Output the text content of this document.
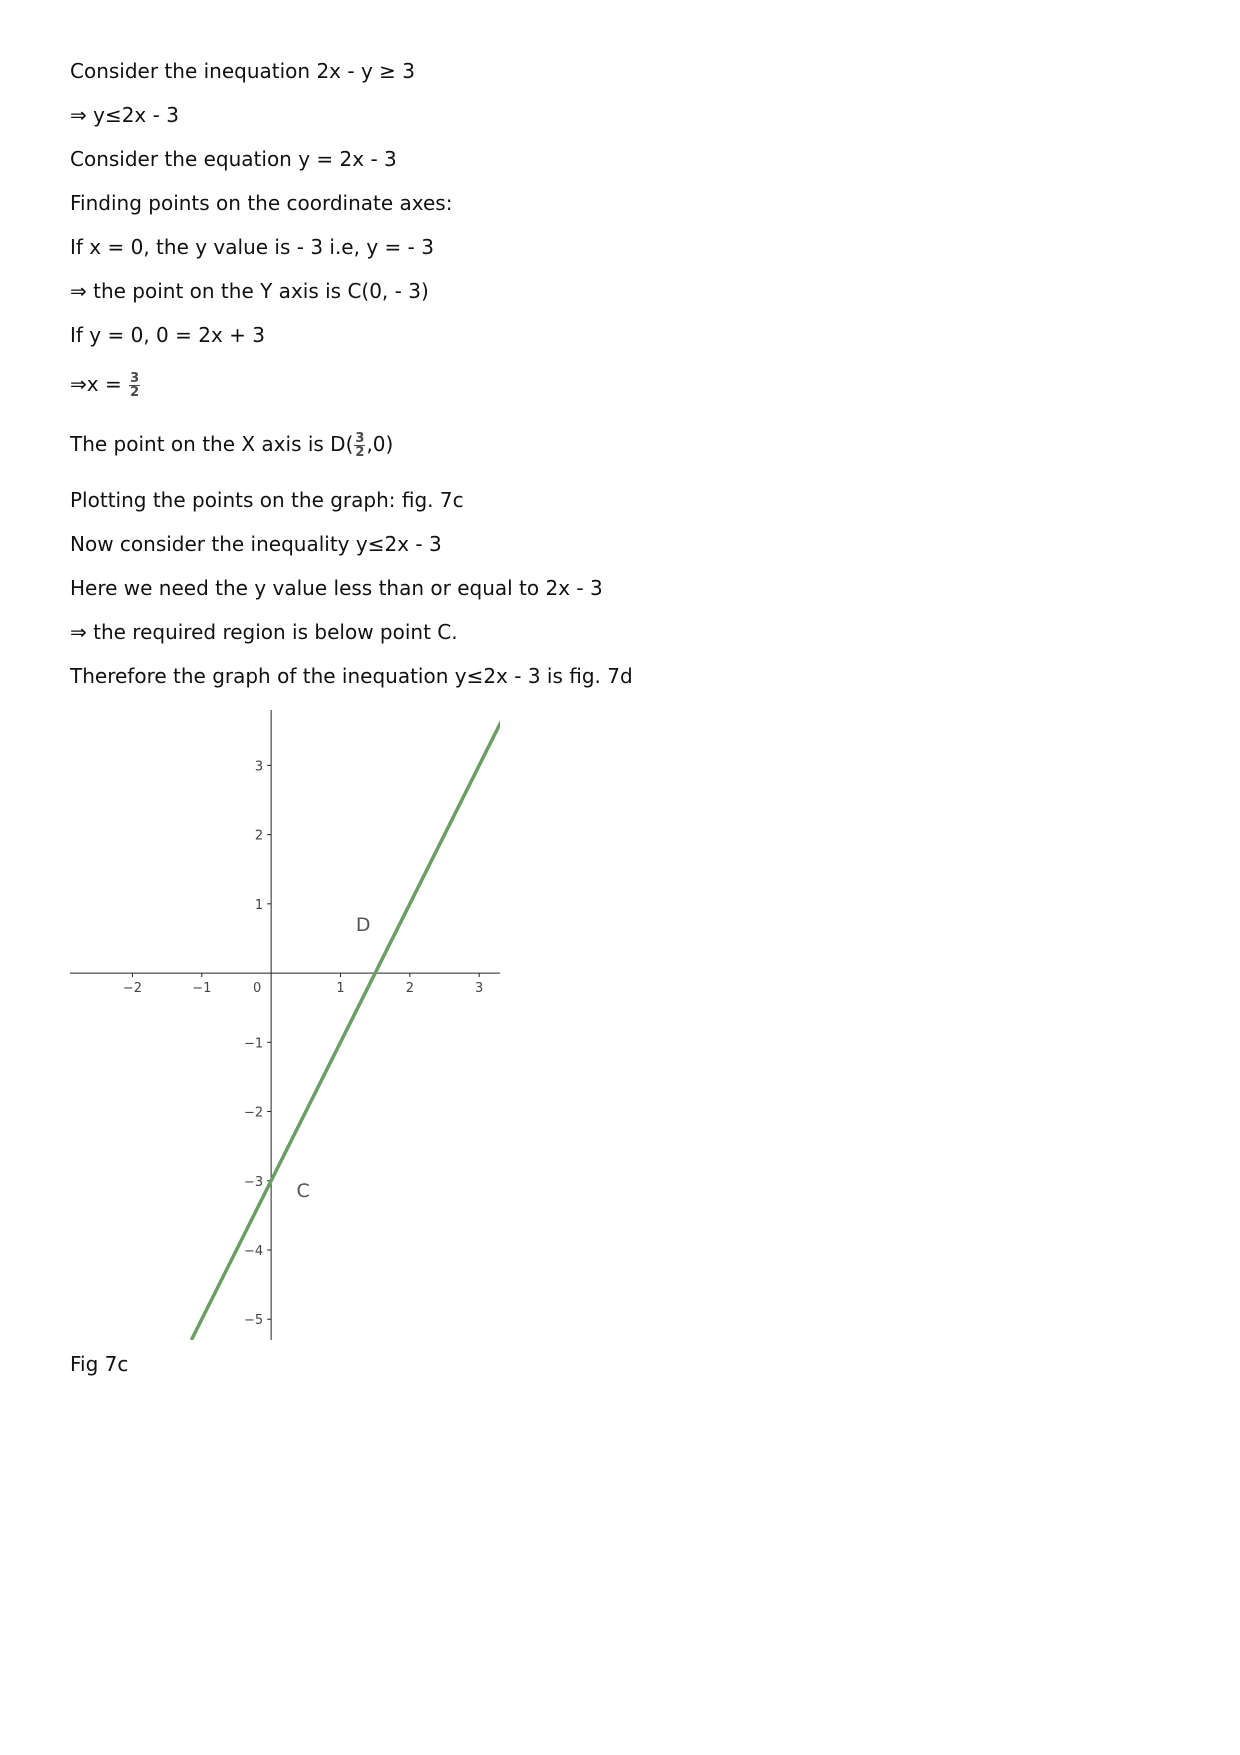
Consider the inequation 2x - y ≥ 3
⇒ y≤2x - 3
Consider the equation y = 2x - 3
Finding points on the coordinate axes:
If x = 0, the y value is - 3 i.e, y = - 3
⇒ the point on the Y axis is C(0, - 3)
If y = 0, 0 = 2x + 3
⇒x = $\frac{3}{2}$
The point on the X axis is $D( \frac{3}{2} ,0)$
Plotting the points on the graph: fig. 7c
Now consider the inequality y≤2x - 3
Here we need the y value less than or equal to 2x - 3
⇒ the required region is below point C.
Therefore the graph of the inequation y≤2x - 3 is fig. 7d
−2	−1	0	1	2	3
3
2
1
−1
−2
−3
−4
−5
D
C
Fig 7c
